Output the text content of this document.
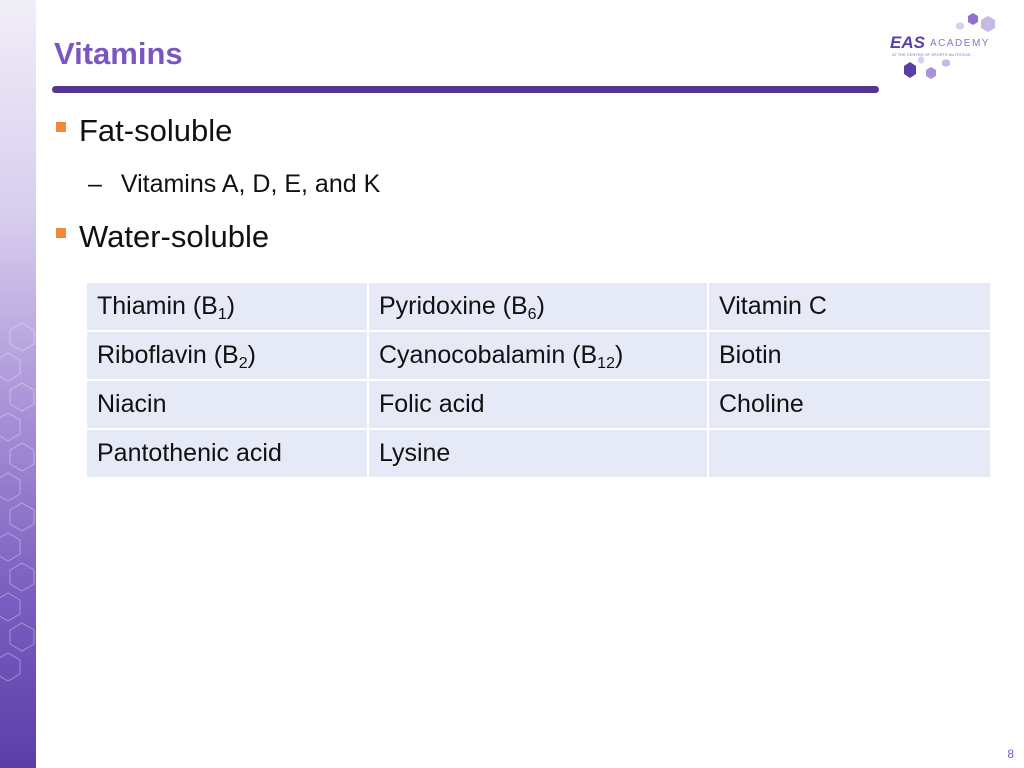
Vitamins	EAS ACADEMY
AT THE CENTER OF SPORTS NUTRITION
Fat-soluble
– Vitamins A, D, E, and K
Water-soluble
Thiamin $(B_1)$	Pyridoxine $(B_6)$	Vitamin C
Riboflavin $(B_2)$	Cyanocobalamin $(B_{12})$	Biotin
Niacin	Folic acid	Choline
Pantothenic acid	Lysine	
8
